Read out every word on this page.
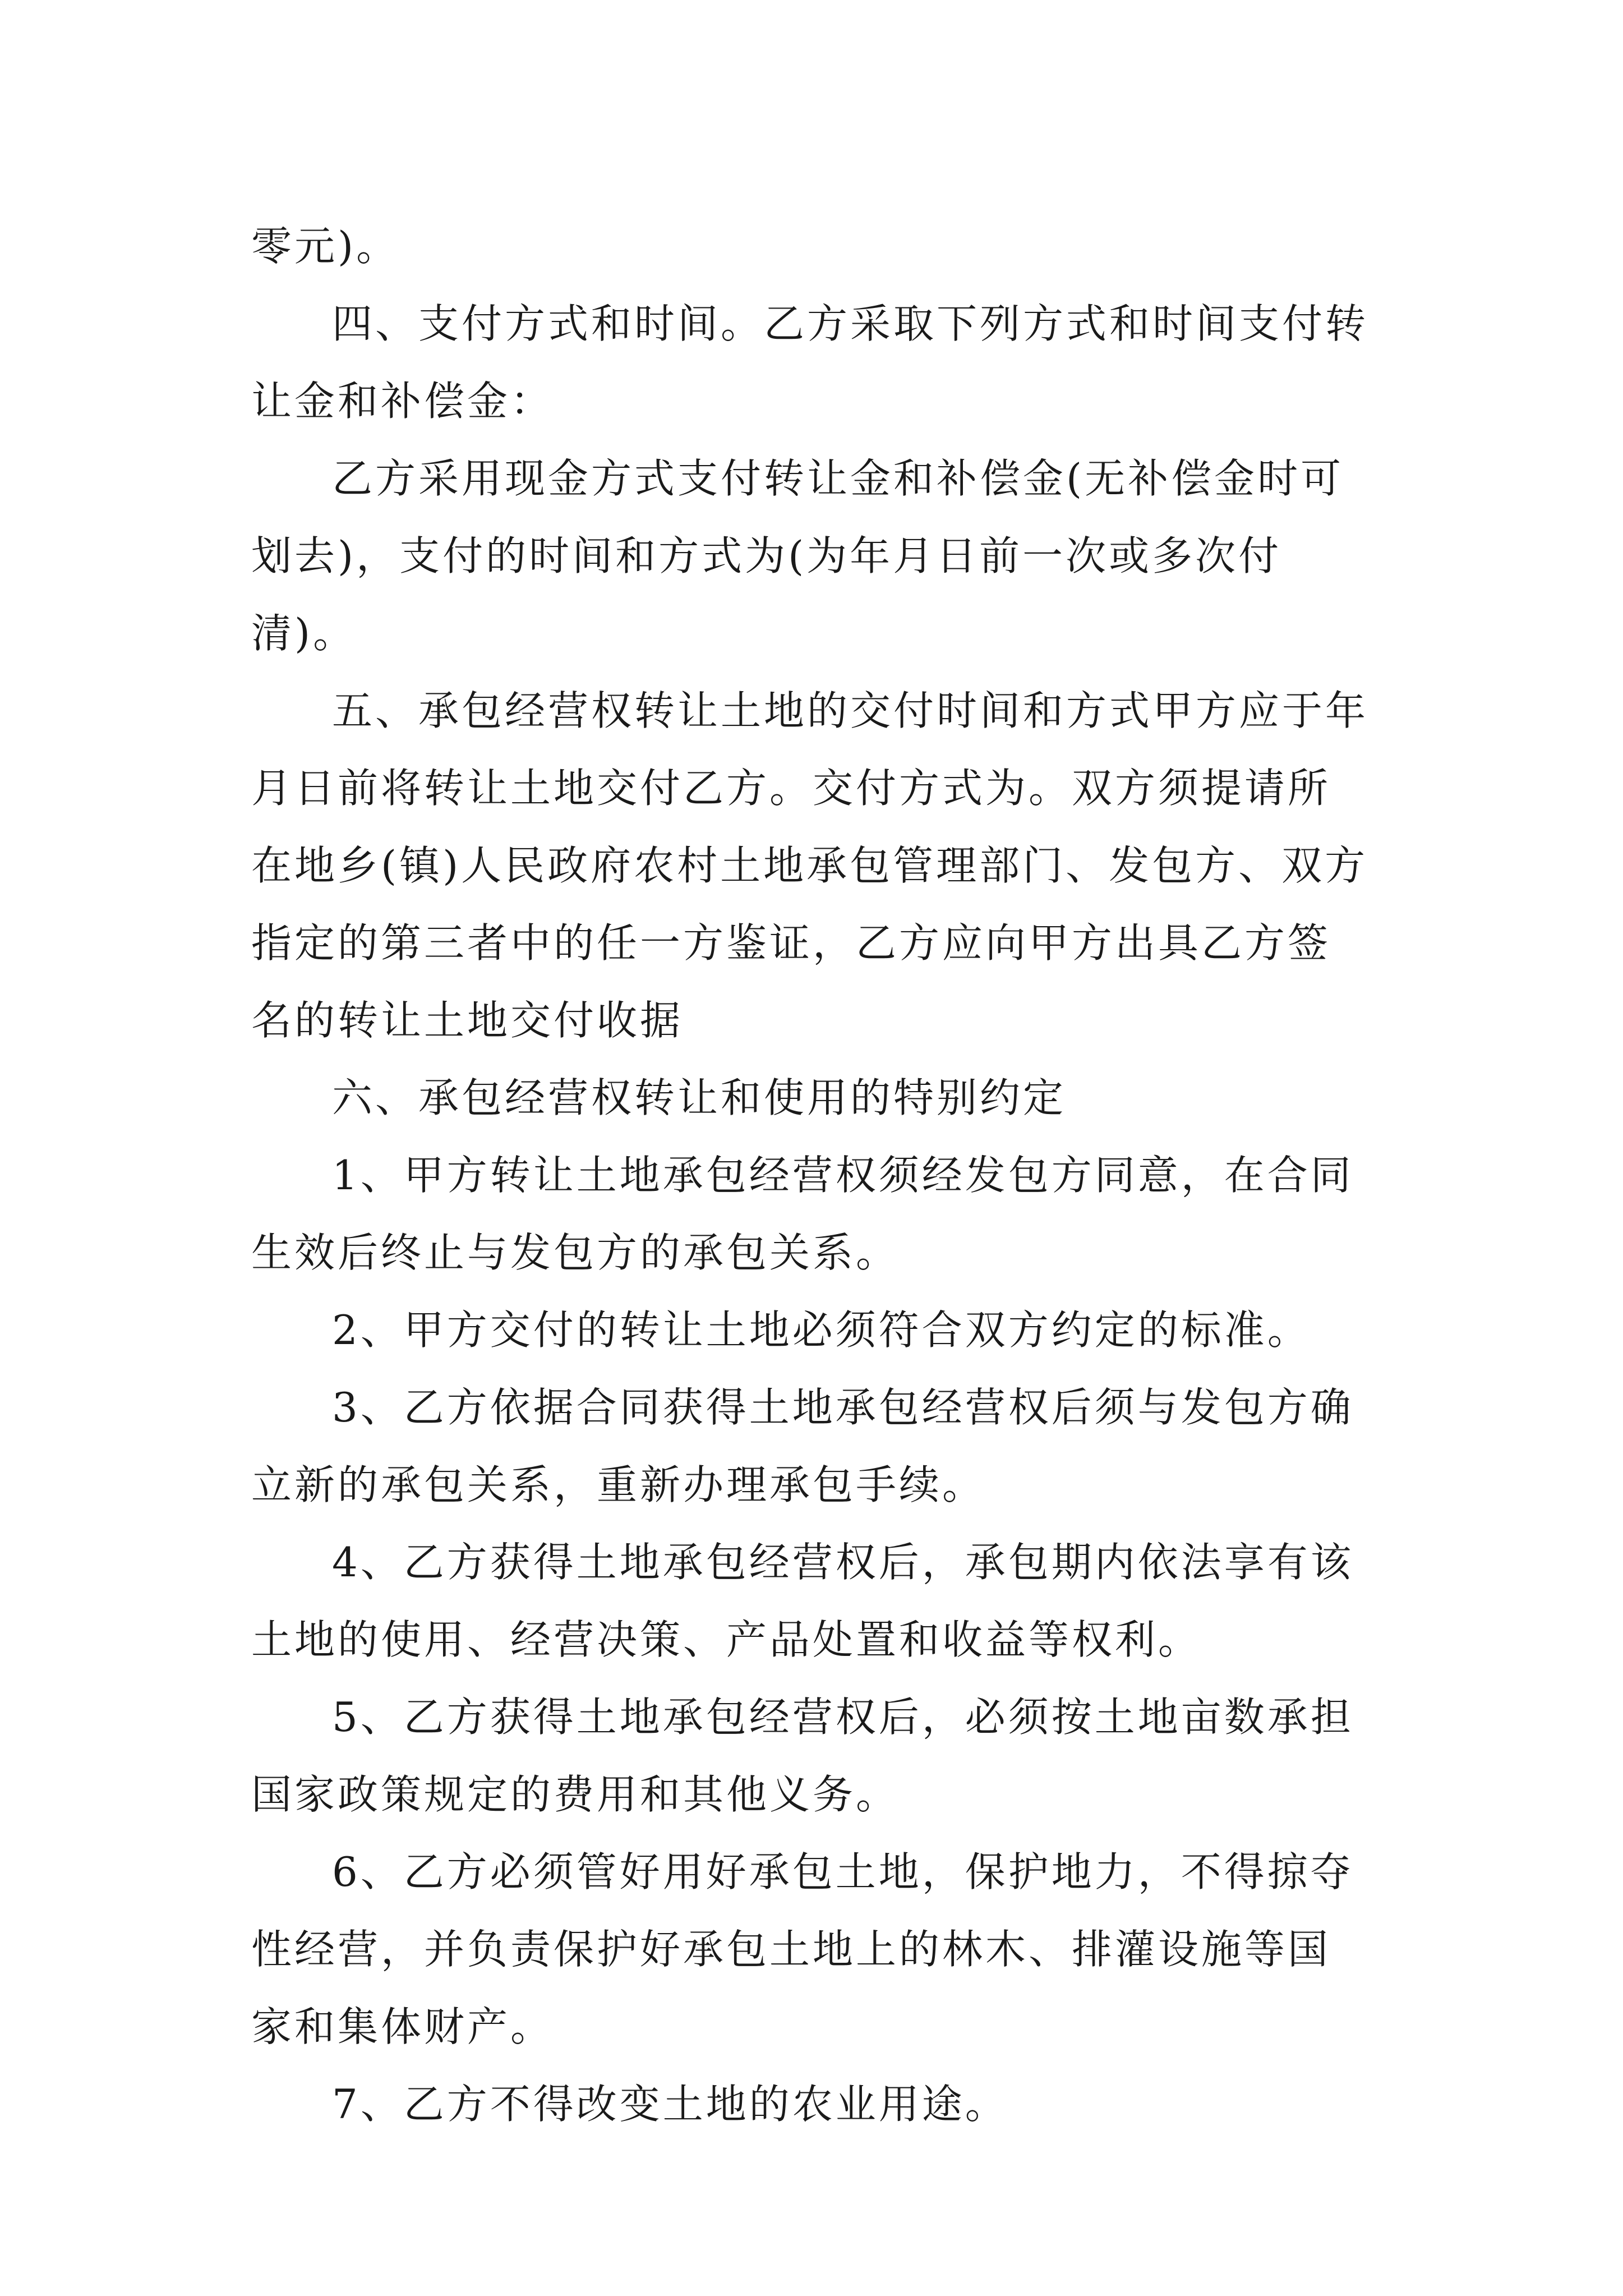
零元)。

四、支付方式和时间。乙方采取下列方式和时间支付转让金和补偿金：

乙方采用现金方式支付转让金和补偿金(无补偿金时可划去)，支付的时间和方式为(为年月日前一次或多次付清)。

五、承包经营权转让土地的交付时间和方式甲方应于年月日前将转让土地交付乙方。交付方式为。双方须提请所在地乡(镇)人民政府农村土地承包管理部门、发包方、双方指定的第三者中的任一方鉴证，乙方应向甲方出具乙方签名的转让土地交付收据

六、承包经营权转让和使用的特别约定

1、甲方转让土地承包经营权须经发包方同意，在合同生效后终止与发包方的承包关系。

2、甲方交付的转让土地必须符合双方约定的标准。

3、乙方依据合同获得土地承包经营权后须与发包方确立新的承包关系，重新办理承包手续。

4、乙方获得土地承包经营权后，承包期内依法享有该土地的使用、经营决策、产品处置和收益等权利。

5、乙方获得土地承包经营权后，必须按土地亩数承担国家政策规定的费用和其他义务。

6、乙方必须管好用好承包土地，保护地力，不得掠夺性经营，并负责保护好承包土地上的林木、排灌设施等国家和集体财产。

7、乙方不得改变土地的农业用途。
